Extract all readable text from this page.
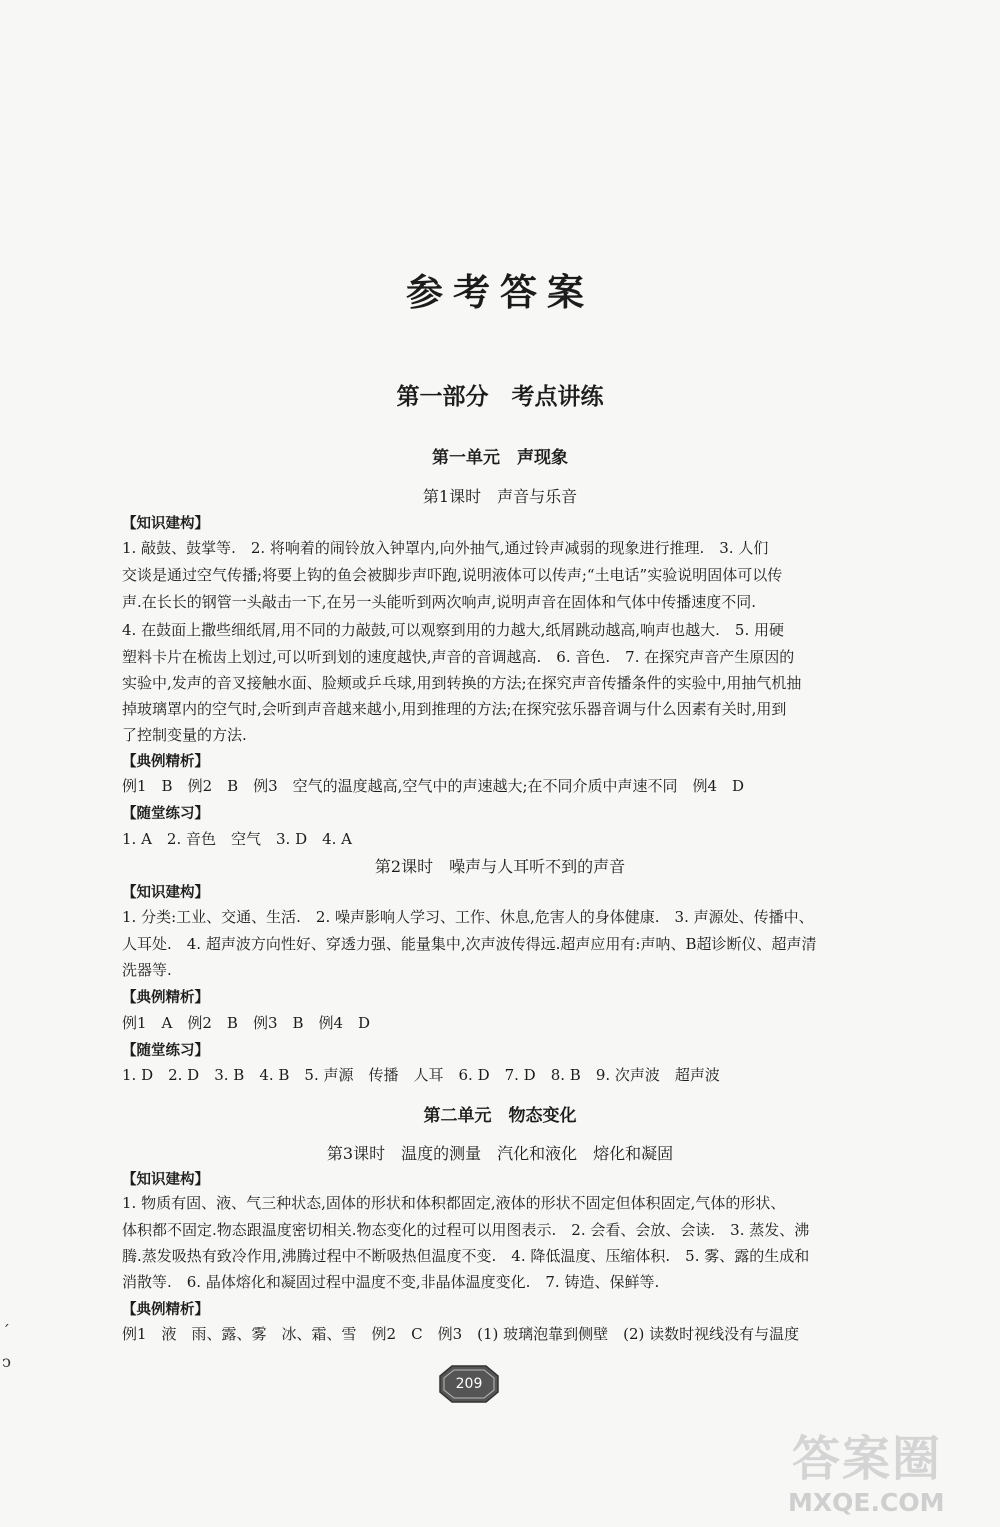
参考答案
第一部分　考点讲练
第一单元　声现象
第1课时　声音与乐音
【知识建构】
1. 敲鼓、鼓掌等.　2. 将响着的闹铃放入钟罩内,向外抽气,通过铃声减弱的现象进行推理.　3. 人们
交谈是通过空气传播;将要上钩的鱼会被脚步声吓跑,说明液体可以传声;“土电话”实验说明固体可以传
声.在长长的钢管一头敲击一下,在另一头能听到两次响声,说明声音在固体和气体中传播速度不同.
4. 在鼓面上撒些细纸屑,用不同的力敲鼓,可以观察到用的力越大,纸屑跳动越高,响声也越大.　5. 用硬
塑料卡片在梳齿上划过,可以听到划的速度越快,声音的音调越高.　6. 音色.　7. 在探究声音产生原因的
实验中,发声的音叉接触水面、脸颊或乒乓球,用到转换的方法;在探究声音传播条件的实验中,用抽气机抽
掉玻璃罩内的空气时,会听到声音越来越小,用到推理的方法;在探究弦乐器音调与什么因素有关时,用到
了控制变量的方法.
【典例精析】
例1　B　例2　B　例3　空气的温度越高,空气中的声速越大;在不同介质中声速不同　例4　D
【随堂练习】
1. A　2. 音色　空气　3. D　4. A
第2课时　噪声与人耳听不到的声音
【知识建构】
1. 分类:工业、交通、生活.　2. 噪声影响人学习、工作、休息,危害人的身体健康.　3. 声源处、传播中、
人耳处.　4. 超声波方向性好、穿透力强、能量集中,次声波传得远.超声应用有:声呐、B超诊断仪、超声清
洗器等.
【典例精析】
例1　A　例2　B　例3　B　例4　D
【随堂练习】
1. D　2. D　3. B　4. B　5. 声源　传播　人耳　6. D　7. D　8. B　9. 次声波　超声波
第二单元　物态变化
第3课时　温度的测量　汽化和液化　熔化和凝固
【知识建构】
1. 物质有固、液、气三种状态,固体的形状和体积都固定,液体的形状不固定但体积固定,气体的形状、
体积都不固定.物态跟温度密切相关.物态变化的过程可以用图表示.　2. 会看、会放、会读.　3. 蒸发、沸
腾.蒸发吸热有致冷作用,沸腾过程中不断吸热但温度不变.　4. 降低温度、压缩体积.　5. 雾、露的生成和
消散等.　6. 晶体熔化和凝固过程中温度不变,非晶体温度变化.　7. 铸造、保鲜等.
【典例精析】
例1　液　雨、露、雾　冰、霜、雪　例2　C　例3　(1) 玻璃泡靠到侧壁　(2) 读数时视线没有与温度
ˊ
ↄ
209
答案圈
MXQE.COM
